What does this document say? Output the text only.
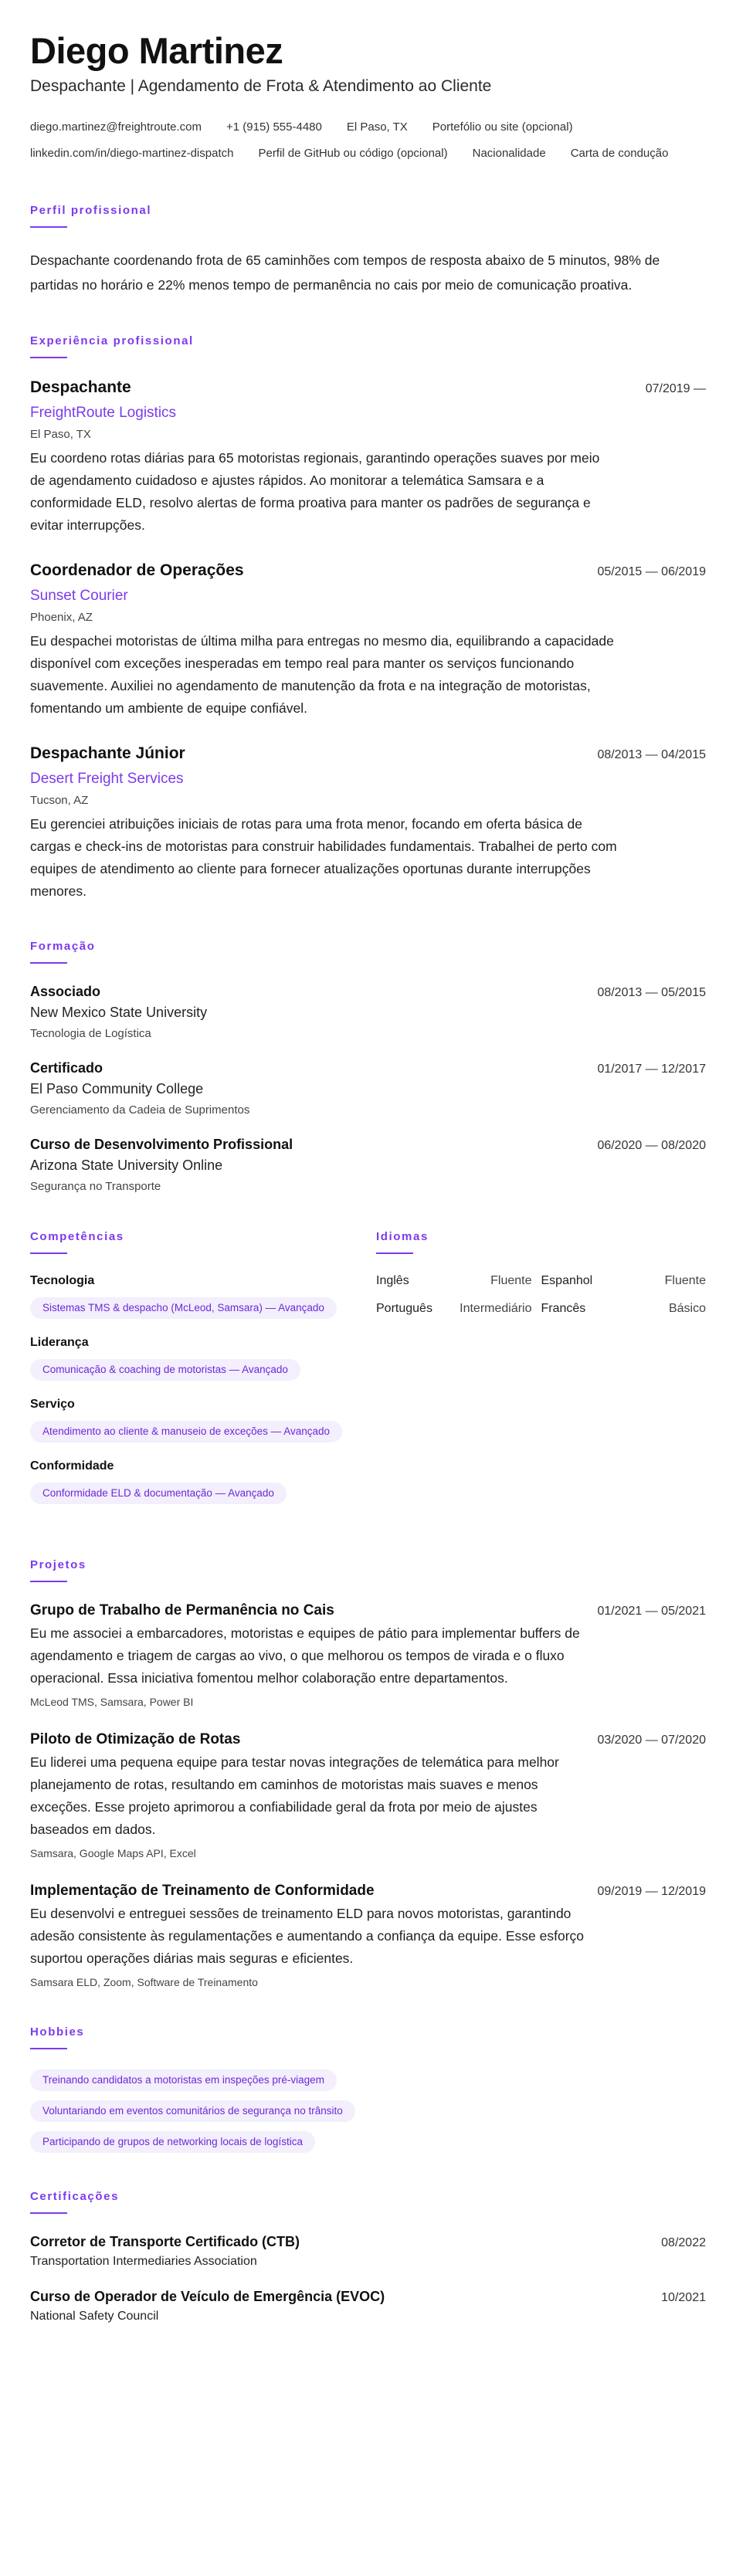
Diego Martinez
Despachante | Agendamento de Frota & Atendimento ao Cliente
diego.martinez@freightroute.com +1 (915) 555-4480 El Paso, TX Portefólio ou site (opcional)
linkedin.com/in/diego-martinez-dispatch Perfil de GitHub ou código (opcional) Nacionalidade Carta de condução
Perfil profissional
Despachante coordenando frota de 65 caminhões com tempos de resposta abaixo de 5 minutos, 98% de partidas no horário e 22% menos tempo de permanência no cais por meio de comunicação proativa.
Experiência profissional
Despachante	07/2019 —
FreightRoute Logistics
El Paso, TX
Eu coordeno rotas diárias para 65 motoristas regionais, garantindo operações suaves por meio de agendamento cuidadoso e ajustes rápidos. Ao monitorar a telemática Samsara e a conformidade ELD, resolvo alertas de forma proativa para manter os padrões de segurança e evitar interrupções.
Coordenador de Operações	05/2015 — 06/2019
Sunset Courier
Phoenix, AZ
Eu despachei motoristas de última milha para entregas no mesmo dia, equilibrando a capacidade disponível com exceções inesperadas em tempo real para manter os serviços funcionando suavemente. Auxiliei no agendamento de manutenção da frota e na integração de motoristas, fomentando um ambiente de equipe confiável.
Despachante Júnior	08/2013 — 04/2015
Desert Freight Services
Tucson, AZ
Eu gerenciei atribuições iniciais de rotas para uma frota menor, focando em oferta básica de cargas e check-ins de motoristas para construir habilidades fundamentais. Trabalhei de perto com equipes de atendimento ao cliente para fornecer atualizações oportunas durante interrupções menores.
Formação
Associado	08/2013 — 05/2015
New Mexico State University
Tecnologia de Logística
Certificado	01/2017 — 12/2017
El Paso Community College
Gerenciamento da Cadeia de Suprimentos
Curso de Desenvolvimento Profissional	06/2020 — 08/2020
Arizona State University Online
Segurança no Transporte
Competências
Tecnologia
Sistemas TMS & despacho (McLeod, Samsara) — Avançado
Liderança
Comunicação & coaching de motoristas — Avançado
Serviço
Atendimento ao cliente & manuseio de exceções — Avançado
Conformidade
Conformidade ELD & documentação — Avançado
Idiomas
Inglês	Fluente Espanhol	Fluente
Português	Intermediário Francês	Básico
Projetos
Grupo de Trabalho de Permanência no Cais	01/2021 — 05/2021
Eu me associei a embarcadores, motoristas e equipes de pátio para implementar buffers de agendamento e triagem de cargas ao vivo, o que melhorou os tempos de virada e o fluxo operacional. Essa iniciativa fomentou melhor colaboração entre departamentos.
McLeod TMS, Samsara, Power BI
Piloto de Otimização de Rotas	03/2020 — 07/2020
Eu liderei uma pequena equipe para testar novas integrações de telemática para melhor planejamento de rotas, resultando em caminhos de motoristas mais suaves e menos exceções. Esse projeto aprimorou a confiabilidade geral da frota por meio de ajustes baseados em dados.
Samsara, Google Maps API, Excel
Implementação de Treinamento de Conformidade	09/2019 — 12/2019
Eu desenvolvi e entreguei sessões de treinamento ELD para novos motoristas, garantindo adesão consistente às regulamentações e aumentando a confiança da equipe. Esse esforço suportou operações diárias mais seguras e eficientes.
Samsara ELD, Zoom, Software de Treinamento
Hobbies
Treinando candidatos a motoristas em inspeções pré-viagem
Voluntariando em eventos comunitários de segurança no trânsito
Participando de grupos de networking locais de logística
Certificações
Corretor de Transporte Certificado (CTB)	08/2022
Transportation Intermediaries Association
Curso de Operador de Veículo de Emergência (EVOC)	10/2021
National Safety Council
